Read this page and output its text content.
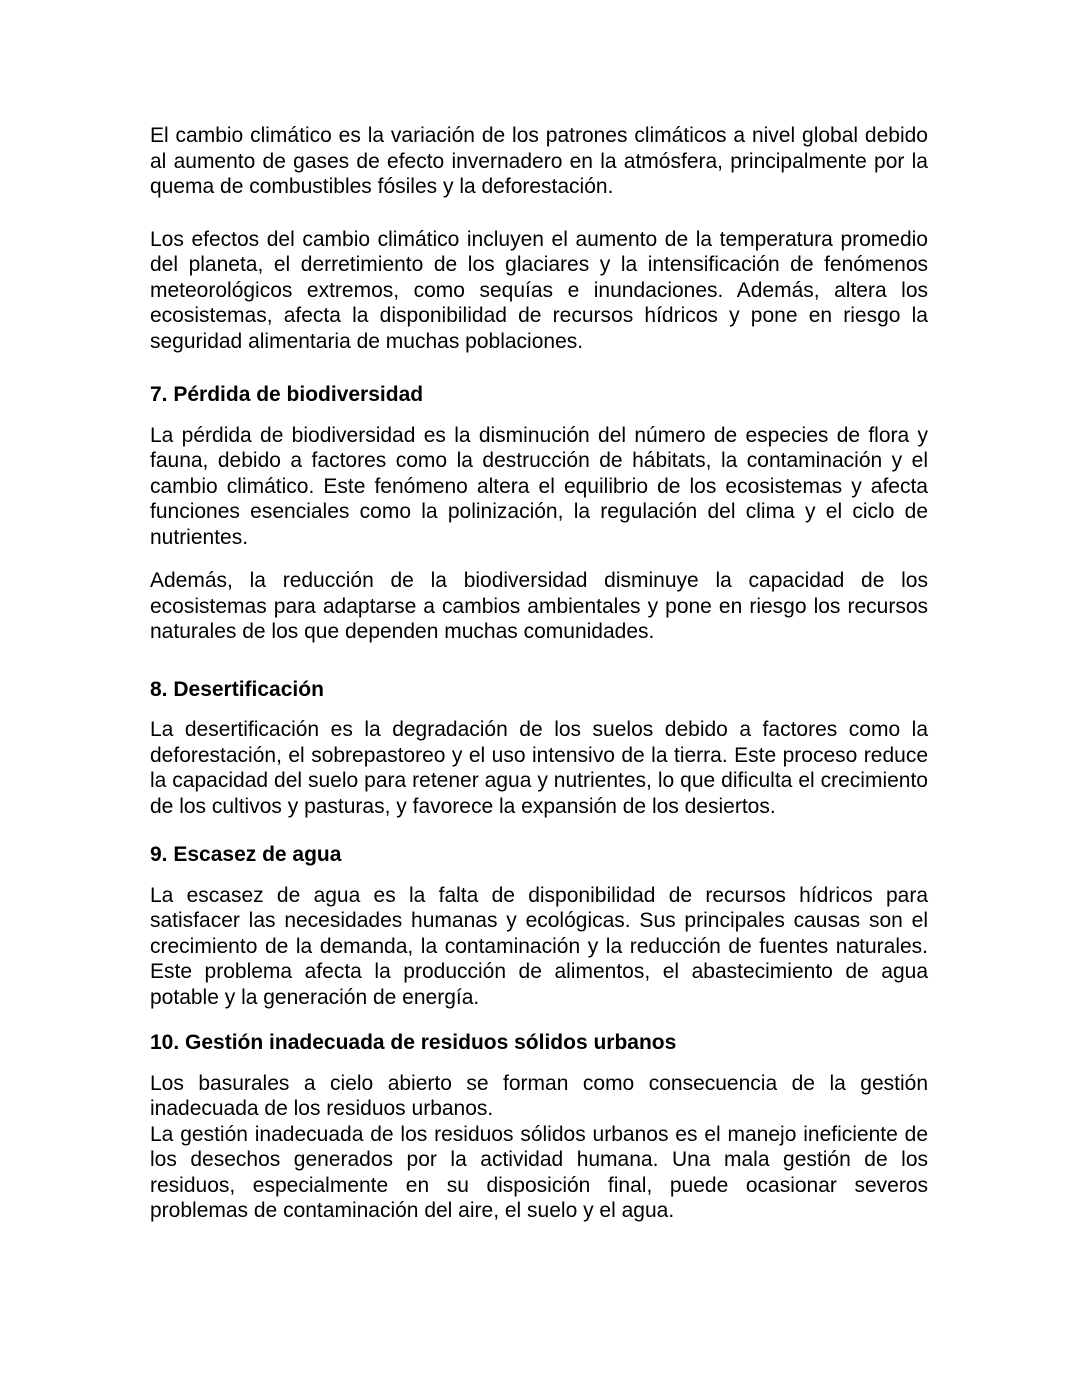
El cambio climático es la variación de los patrones climáticos a nivel global debido al aumento de gases de efecto invernadero en la atmósfera, principalmente por la quema de combustibles fósiles y la deforestación.

Los efectos del cambio climático incluyen el aumento de la temperatura promedio del planeta, el derretimiento de los glaciares y la intensificación de fenómenos meteorológicos extremos, como sequías e inundaciones. Además, altera los ecosistemas, afecta la disponibilidad de recursos hídricos y pone en riesgo la seguridad alimentaria de muchas poblaciones.

7. Pérdida de biodiversidad

La pérdida de biodiversidad es la disminución del número de especies de flora y fauna, debido a factores como la destrucción de hábitats, la contaminación y el cambio climático. Este fenómeno altera el equilibrio de los ecosistemas y afecta funciones esenciales como la polinización, la regulación del clima y el ciclo de nutrientes.

Además, la reducción de la biodiversidad disminuye la capacidad de los ecosistemas para adaptarse a cambios ambientales y pone en riesgo los recursos naturales de los que dependen muchas comunidades.

8. Desertificación

La desertificación es la degradación de los suelos debido a factores como la deforestación, el sobrepastoreo y el uso intensivo de la tierra. Este proceso reduce la capacidad del suelo para retener agua y nutrientes, lo que dificulta el crecimiento de los cultivos y pasturas, y favorece la expansión de los desiertos.

9. Escasez de agua

La escasez de agua es la falta de disponibilidad de recursos hídricos para satisfacer las necesidades humanas y ecológicas. Sus principales causas son el crecimiento de la demanda, la contaminación y la reducción de fuentes naturales. Este problema afecta la producción de alimentos, el abastecimiento de agua potable y la generación de energía.

10. Gestión inadecuada de residuos sólidos urbanos

Los basurales a cielo abierto se forman como consecuencia de la gestión inadecuada de los residuos urbanos.

La gestión inadecuada de los residuos sólidos urbanos es el manejo ineficiente de los desechos generados por la actividad humana. Una mala gestión de los residuos, especialmente en su disposición final, puede ocasionar severos problemas de contaminación del aire, el suelo y el agua.
